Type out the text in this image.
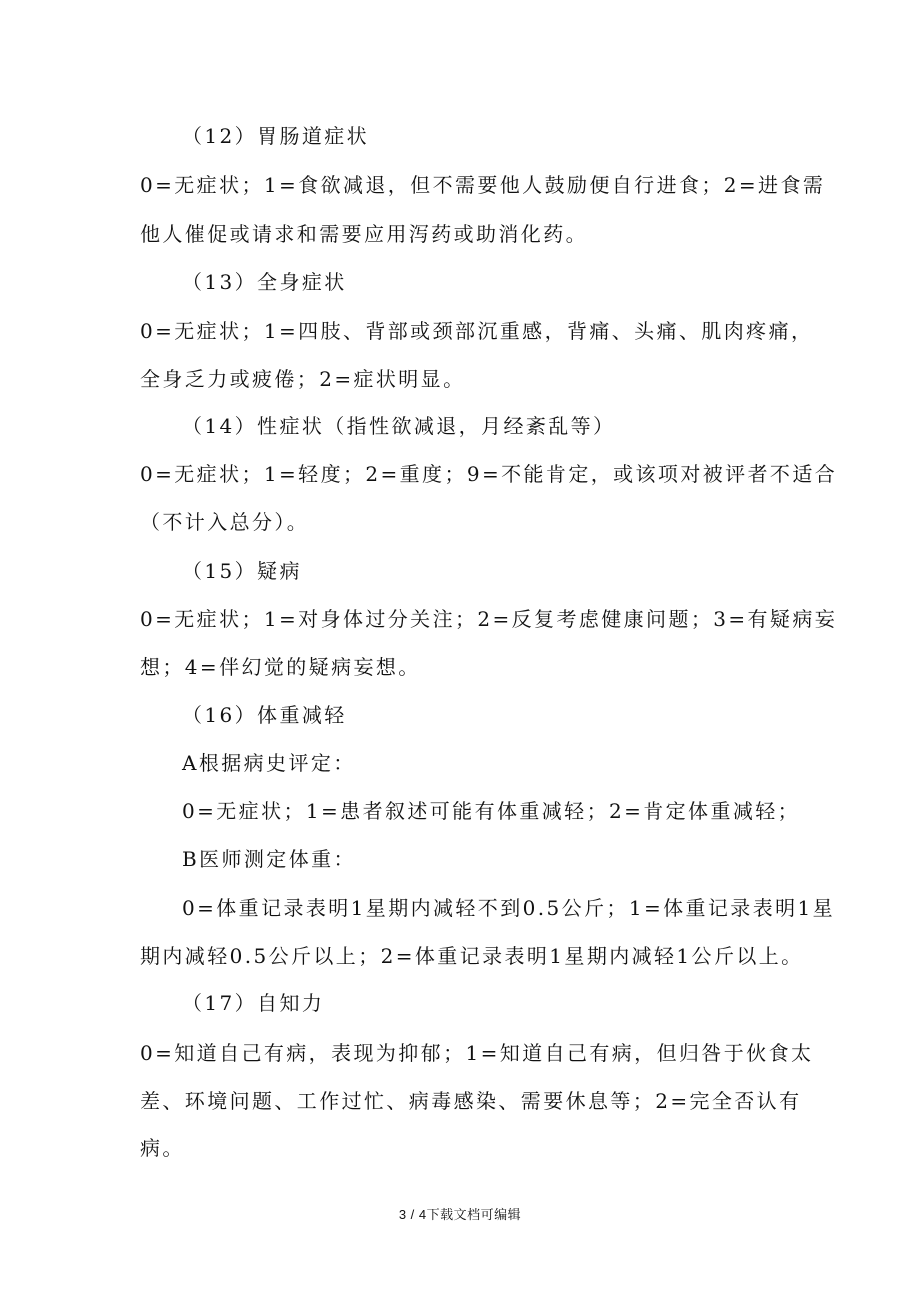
（12）胃肠道症状
0=无症状；1=食欲减退，但不需要他人鼓励便自行进食；2=进食需
他人催促或请求和需要应用泻药或助消化药。
（13）全身症状
0=无症状；1=四肢、背部或颈部沉重感，背痛、头痛、肌肉疼痛，
全身乏力或疲倦；2=症状明显。
（14）性症状（指性欲减退，月经紊乱等）
0=无症状；1=轻度；2=重度；9=不能肯定，或该项对被评者不适合
（不计入总分）。
（15）疑病
0=无症状；1=对身体过分关注；2=反复考虑健康问题；3=有疑病妄
想；4=伴幻觉的疑病妄想。
（16）体重减轻
A根据病史评定：
0=无症状；1=患者叙述可能有体重减轻；2=肯定体重减轻；
B医师测定体重：
0=体重记录表明1星期内减轻不到0.5公斤；1=体重记录表明1星
期内减轻0.5公斤以上；2=体重记录表明1星期内减轻1公斤以上。
（17）自知力
0=知道自己有病，表现为抑郁；1=知道自己有病，但归咎于伙食太
差、环境问题、工作过忙、病毒感染、需要休息等；2=完全否认有
病。
3 / 4下载文档可编辑
